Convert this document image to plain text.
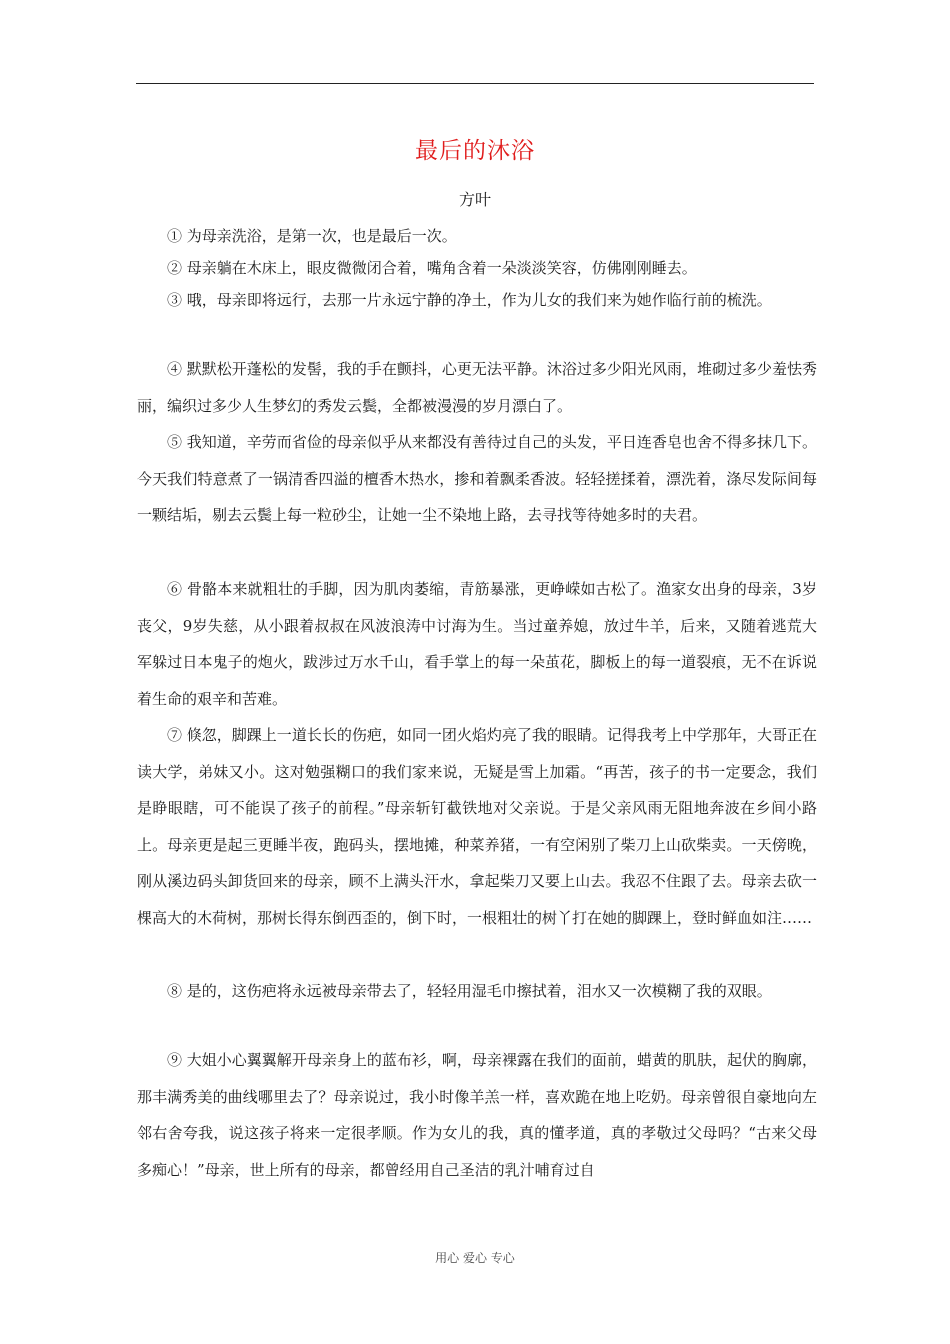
最后的沐浴
方叶

① 为母亲洗浴，是第一次，也是最后一次。

② 母亲躺在木床上，眼皮微微闭合着，嘴角含着一朵淡淡笑容，仿佛刚刚睡去。

③ 哦，母亲即将远行，去那一片永远宁静的净土，作为儿女的我们来为她作临行前的梳洗。

④ 默默松开蓬松的发髻，我的手在颤抖，心更无法平静。沐浴过多少阳光风雨，堆砌过多少羞怯秀丽，编织过多少人生梦幻的秀发云鬓，全都被漫漫的岁月漂白了。

⑤ 我知道，辛劳而省俭的母亲似乎从来都没有善待过自己的头发，平日连香皂也舍不得多抹几下。今天我们特意煮了一锅清香四溢的檀香木热水，掺和着飘柔香波。轻轻搓揉着，漂洗着，涤尽发际间每一颗结垢，剔去云鬓上每一粒砂尘，让她一尘不染地上路，去寻找等待她多时的夫君。

⑥ 骨骼本来就粗壮的手脚，因为肌肉萎缩，青筋暴涨，更峥嵘如古松了。渔家女出身的母亲，3岁丧父，9岁失慈，从小跟着叔叔在风波浪涛中讨海为生。当过童养媳，放过牛羊，后来，又随着逃荒大军躲过日本鬼子的炮火，跋涉过万水千山，看手掌上的每一朵茧花，脚板上的每一道裂痕，无不在诉说着生命的艰辛和苦难。

⑦ 倏忽，脚踝上一道长长的伤疤，如同一团火焰灼亮了我的眼睛。记得我考上中学那年，大哥正在读大学，弟妹又小。这对勉强糊口的我们家来说，无疑是雪上加霜。“再苦，孩子的书一定要念，我们是睁眼瞎，可不能误了孩子的前程。”母亲斩钉截铁地对父亲说。于是父亲风雨无阻地奔波在乡间小路上。母亲更是起三更睡半夜，跑码头，摆地摊，种菜养猪，一有空闲别了柴刀上山砍柴卖。一天傍晚，刚从溪边码头卸货回来的母亲，顾不上满头汗水，拿起柴刀又要上山去。我忍不住跟了去。母亲去砍一棵高大的木荷树，那树长得东倒西歪的，倒下时，一根粗壮的树丫打在她的脚踝上，登时鲜血如注……

⑧ 是的，这伤疤将永远被母亲带去了，轻轻用湿毛巾擦拭着，泪水又一次模糊了我的双眼。

⑨ 大姐小心翼翼解开母亲身上的蓝布衫，啊，母亲裸露在我们的面前，蜡黄的肌肤，起伏的胸廓，那丰满秀美的曲线哪里去了？母亲说过，我小时像羊羔一样，喜欢跪在地上吃奶。母亲曾很自豪地向左邻右舍夸我，说这孩子将来一定很孝顺。作为女儿的我，真的懂孝道，真的孝敬过父母吗？“古来父母多痴心！”母亲，世上所有的母亲，都曾经用自己圣洁的乳汁哺育过自

用心 爱心 专心
